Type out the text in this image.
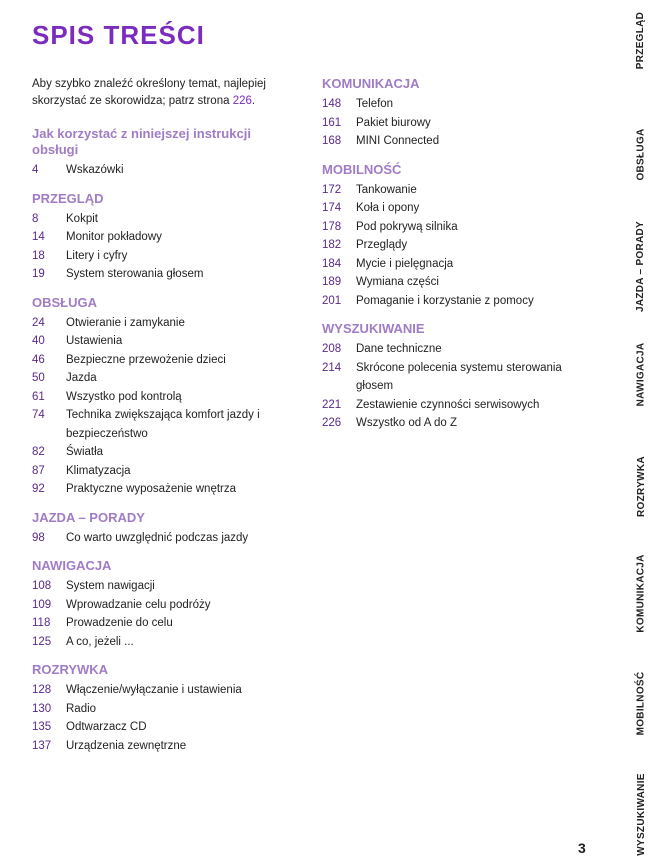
SPIS TREŚCI

Aby szybko znaleźć określony temat, najlepiej skorzystać ze skorowidza; patrz strona 226.

Jak korzystać z niniejszej instrukcji obsługi
4	Wskazówki
PRZEGLĄD
8	Kokpit
14	Monitor pokładowy
18	Litery i cyfry
19	System sterowania głosem
OBSŁUGA
24	Otwieranie i zamykanie
40	Ustawienia
46	Bezpieczne przewożenie dzieci
50	Jazda
61	Wszystko pod kontrolą
74	Technika zwiększająca komfort jazdy i bezpieczeństwo
82	Światła
87	Klimatyzacja
92	Praktyczne wyposażenie wnętrza
JAZDA – PORADY
98	Co warto uwzględnić podczas jazdy
NAWIGACJA
108	System nawigacji
109	Wprowadzanie celu podróży
118	Prowadzenie do celu
125	A co, jeżeli ...
ROZRYWKA
128	Włączenie/wyłączanie i ustawienia
130	Radio
135	Odtwarzacz CD
137	Urządzenia zewnętrzne
KOMUNIKACJA
148	Telefon
161	Pakiet biurowy
168	MINI Connected
MOBILNOŚĆ
172	Tankowanie
174	Koła i opony
178	Pod pokrywą silnika
182	Przeglądy
184	Mycie i pielęgnacja
189	Wymiana części
201	Pomaganie i korzystanie z pomocy
WYSZUKIWANIE
208	Dane techniczne
214	Skrócone polecenia systemu sterowania głosem
221	Zestawienie czynności serwisowych
226	Wszystko od A do Z
PRZEGLĄD
OBSŁUGA
JAZDA – PORADY
NAWIGACJA
ROZRYWKA
KOMUNIKACJA
MOBILNOŚĆ
WYSZUKIWANIE
3
